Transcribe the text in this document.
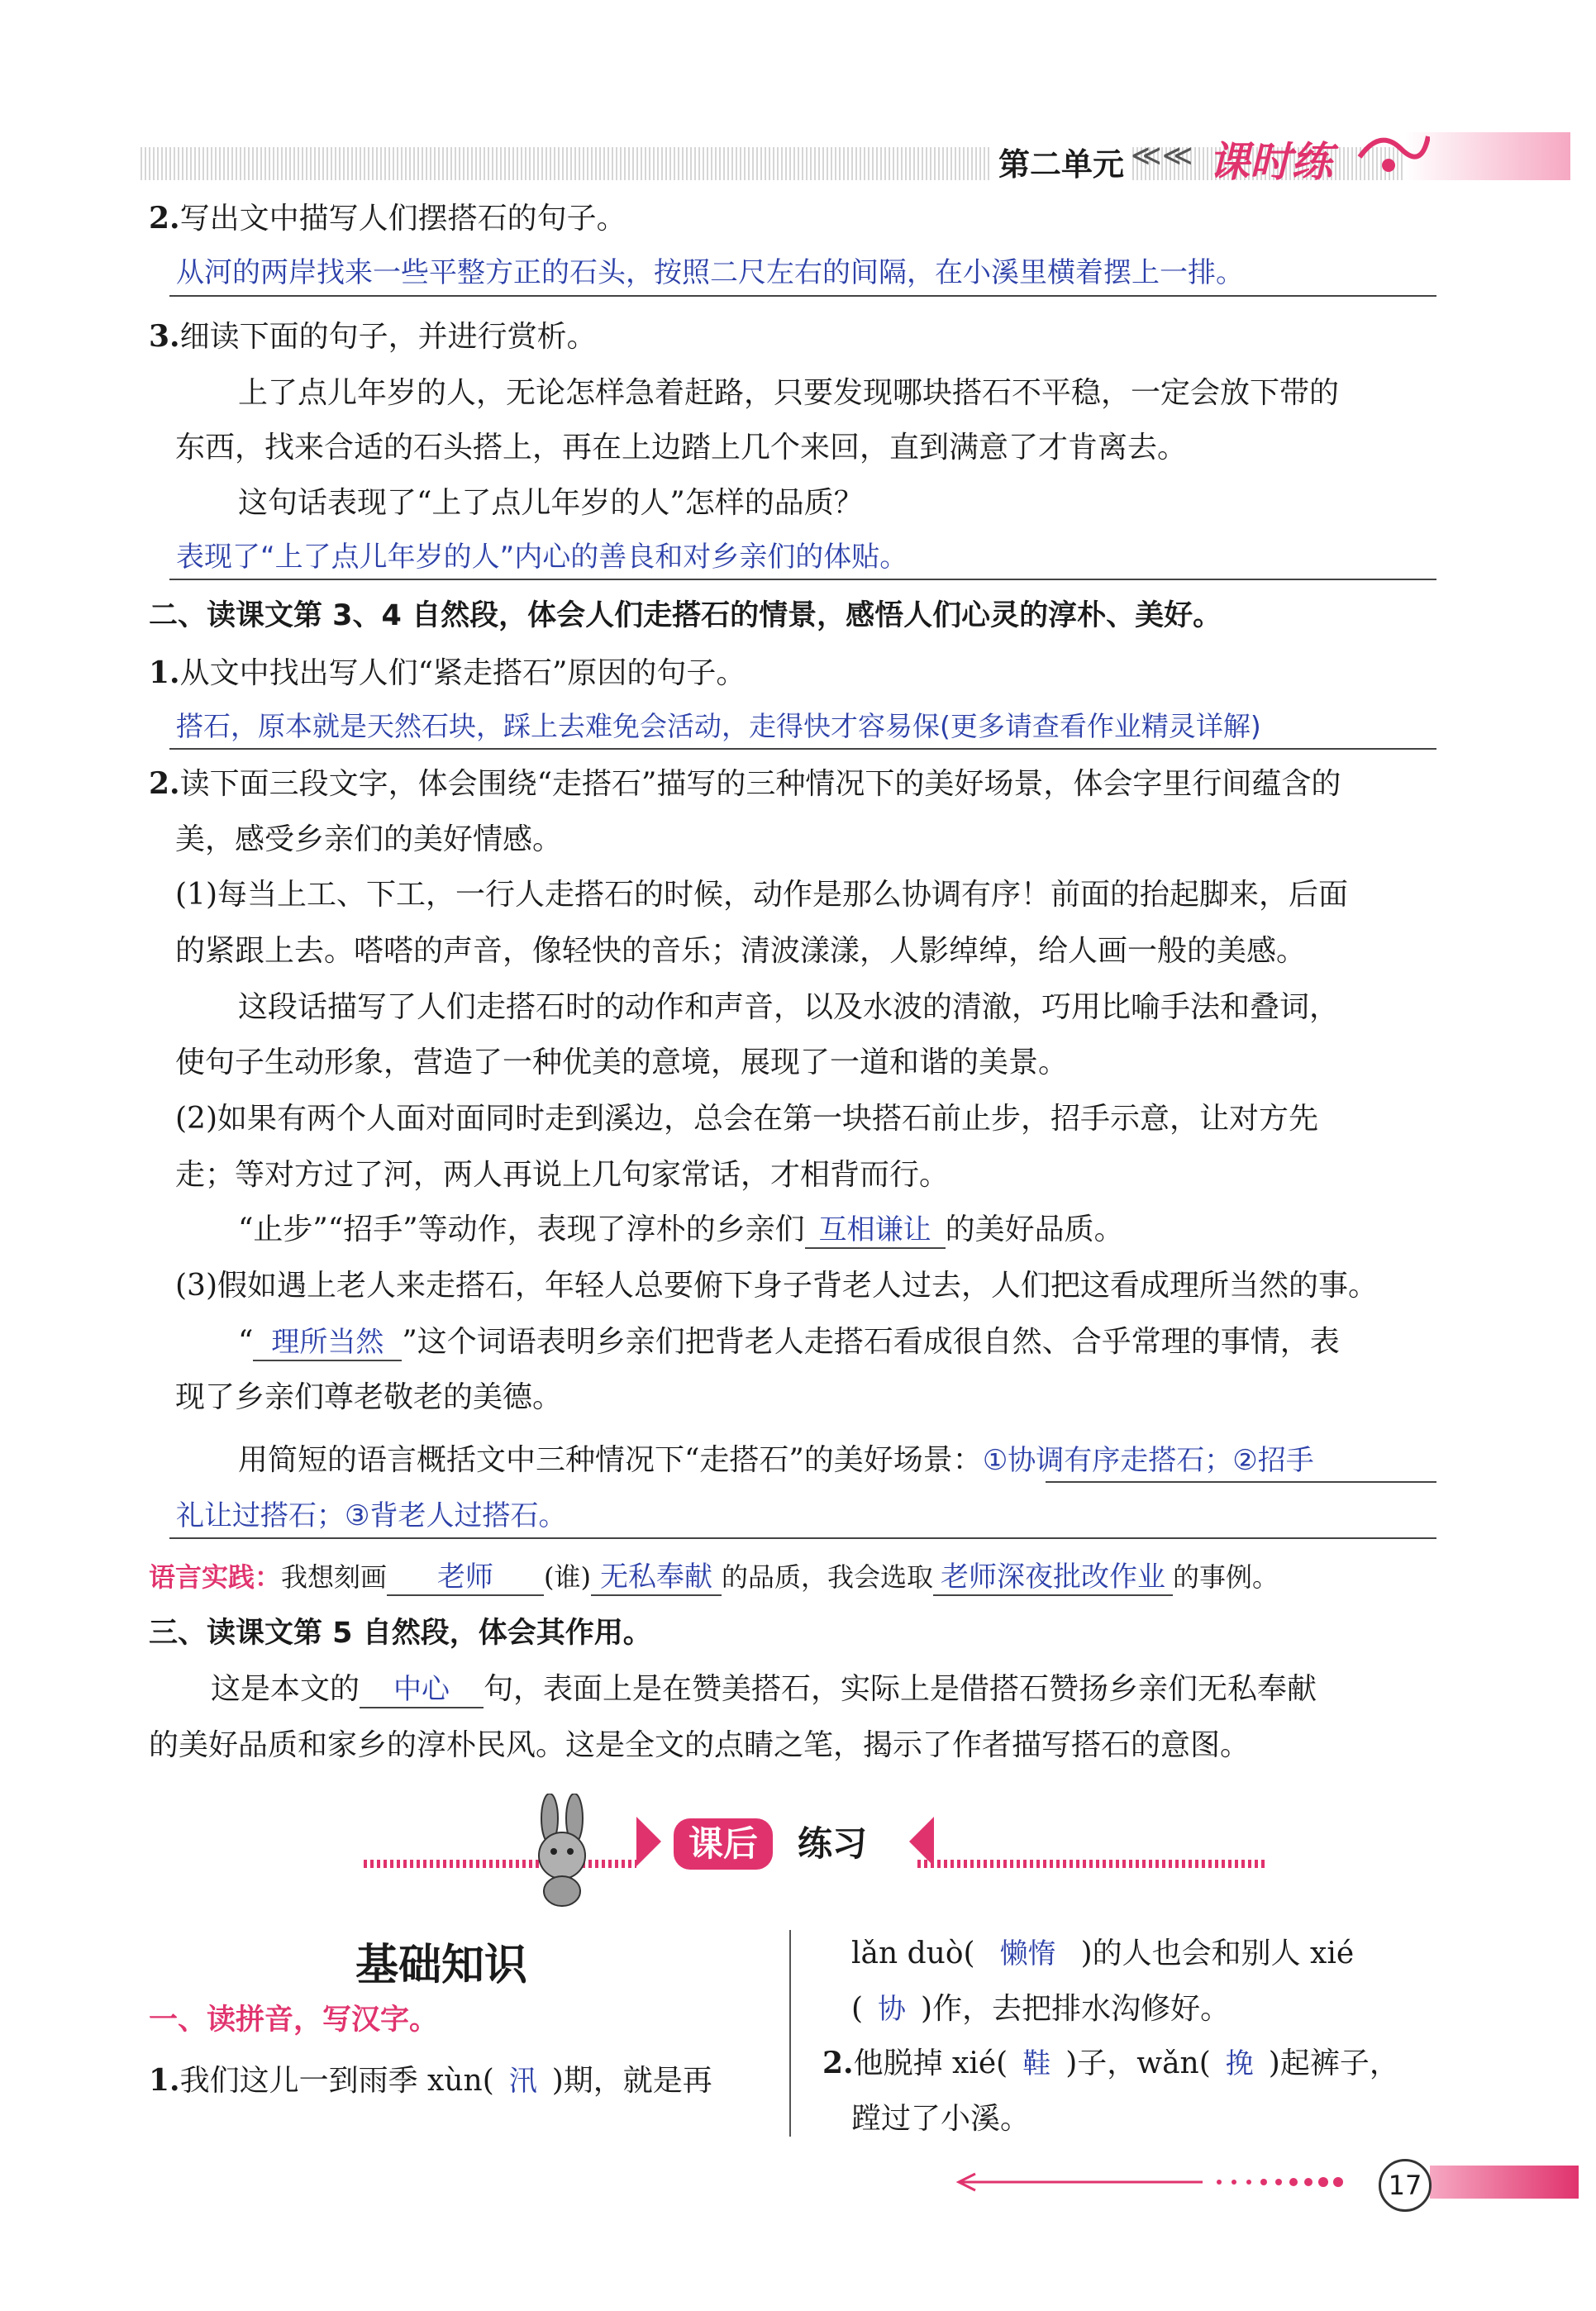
第二单元 ≪≪ 课时练
2.写出文中描写人们摆搭石的句子。
从河的两岸找来一些平整方正的石头，按照二尺左右的间隔，在小溪里横着摆上一排。
3.细读下面的句子，并进行赏析。
上了点儿年岁的人，无论怎样急着赶路，只要发现哪块搭石不平稳，一定会放下带的
东西，找来合适的石头搭上，再在上边踏上几个来回，直到满意了才肯离去。
这句话表现了“上了点儿年岁的人”怎样的品质？
表现了“上了点儿年岁的人”内心的善良和对乡亲们的体贴。
二、读课文第 3、4 自然段，体会人们走搭石的情景，感悟人们心灵的淳朴、美好。
1.从文中找出写人们“紧走搭石”原因的句子。
搭石，原本就是天然石块，踩上去难免会活动，走得快才容易保(更多请查看作业精灵详解)
2.读下面三段文字，体会围绕“走搭石”描写的三种情况下的美好场景，体会字里行间蕴含的
美，感受乡亲们的美好情感。
(1)每当上工、下工，一行人走搭石的时候，动作是那么协调有序！前面的抬起脚来，后面
的紧跟上去。嗒嗒的声音，像轻快的音乐；清波漾漾，人影绰绰，给人画一般的美感。
这段话描写了人们走搭石时的动作和声音，以及水波的清澈，巧用比喻手法和叠词，
使句子生动形象，营造了一种优美的意境，展现了一道和谐的美景。
(2)如果有两个人面对面同时走到溪边，总会在第一块搭石前止步，招手示意，让对方先
走；等对方过了河，两人再说上几句家常话，才相背而行。
“止步”“招手”等动作，表现了淳朴的乡亲们 互相谦让 的美好品质。
(3)假如遇上老人来走搭石，年轻人总要俯下身子背老人过去，人们把这看成理所当然的事。
“ 理所当然 ”这个词语表明乡亲们把背老人走搭石看成很自然、合乎常理的事情，表
现了乡亲们尊老敬老的美德。
用简短的语言概括文中三种情况下“走搭石”的美好场景：①协调有序走搭石；②招手
礼让过搭石；③背老人过搭石。
语言实践：我想刻画 老师 (谁) 无私奉献 的品质，我会选取 老师深夜批改作业 的事例。
三、读课文第 5 自然段，体会其作用。
这是本文的 中心 句，表面上是在赞美搭石，实际上是借搭石赞扬乡亲们无私奉献
的美好品质和家乡的淳朴民风。这是全文的点睛之笔，揭示了作者描写搭石的意图。
课后	练习
基础知识
一、读拼音，写汉字。
1.我们这儿一到雨季 xùn( 汛 )期，就是再
lǎn duò( 懒惰 )的人也会和别人 xié
( 协 )作，去把排水沟修好。
2.他脱掉 xié( 鞋 )子，wǎn( 挽 )起裤子，
蹚过了小溪。
17
